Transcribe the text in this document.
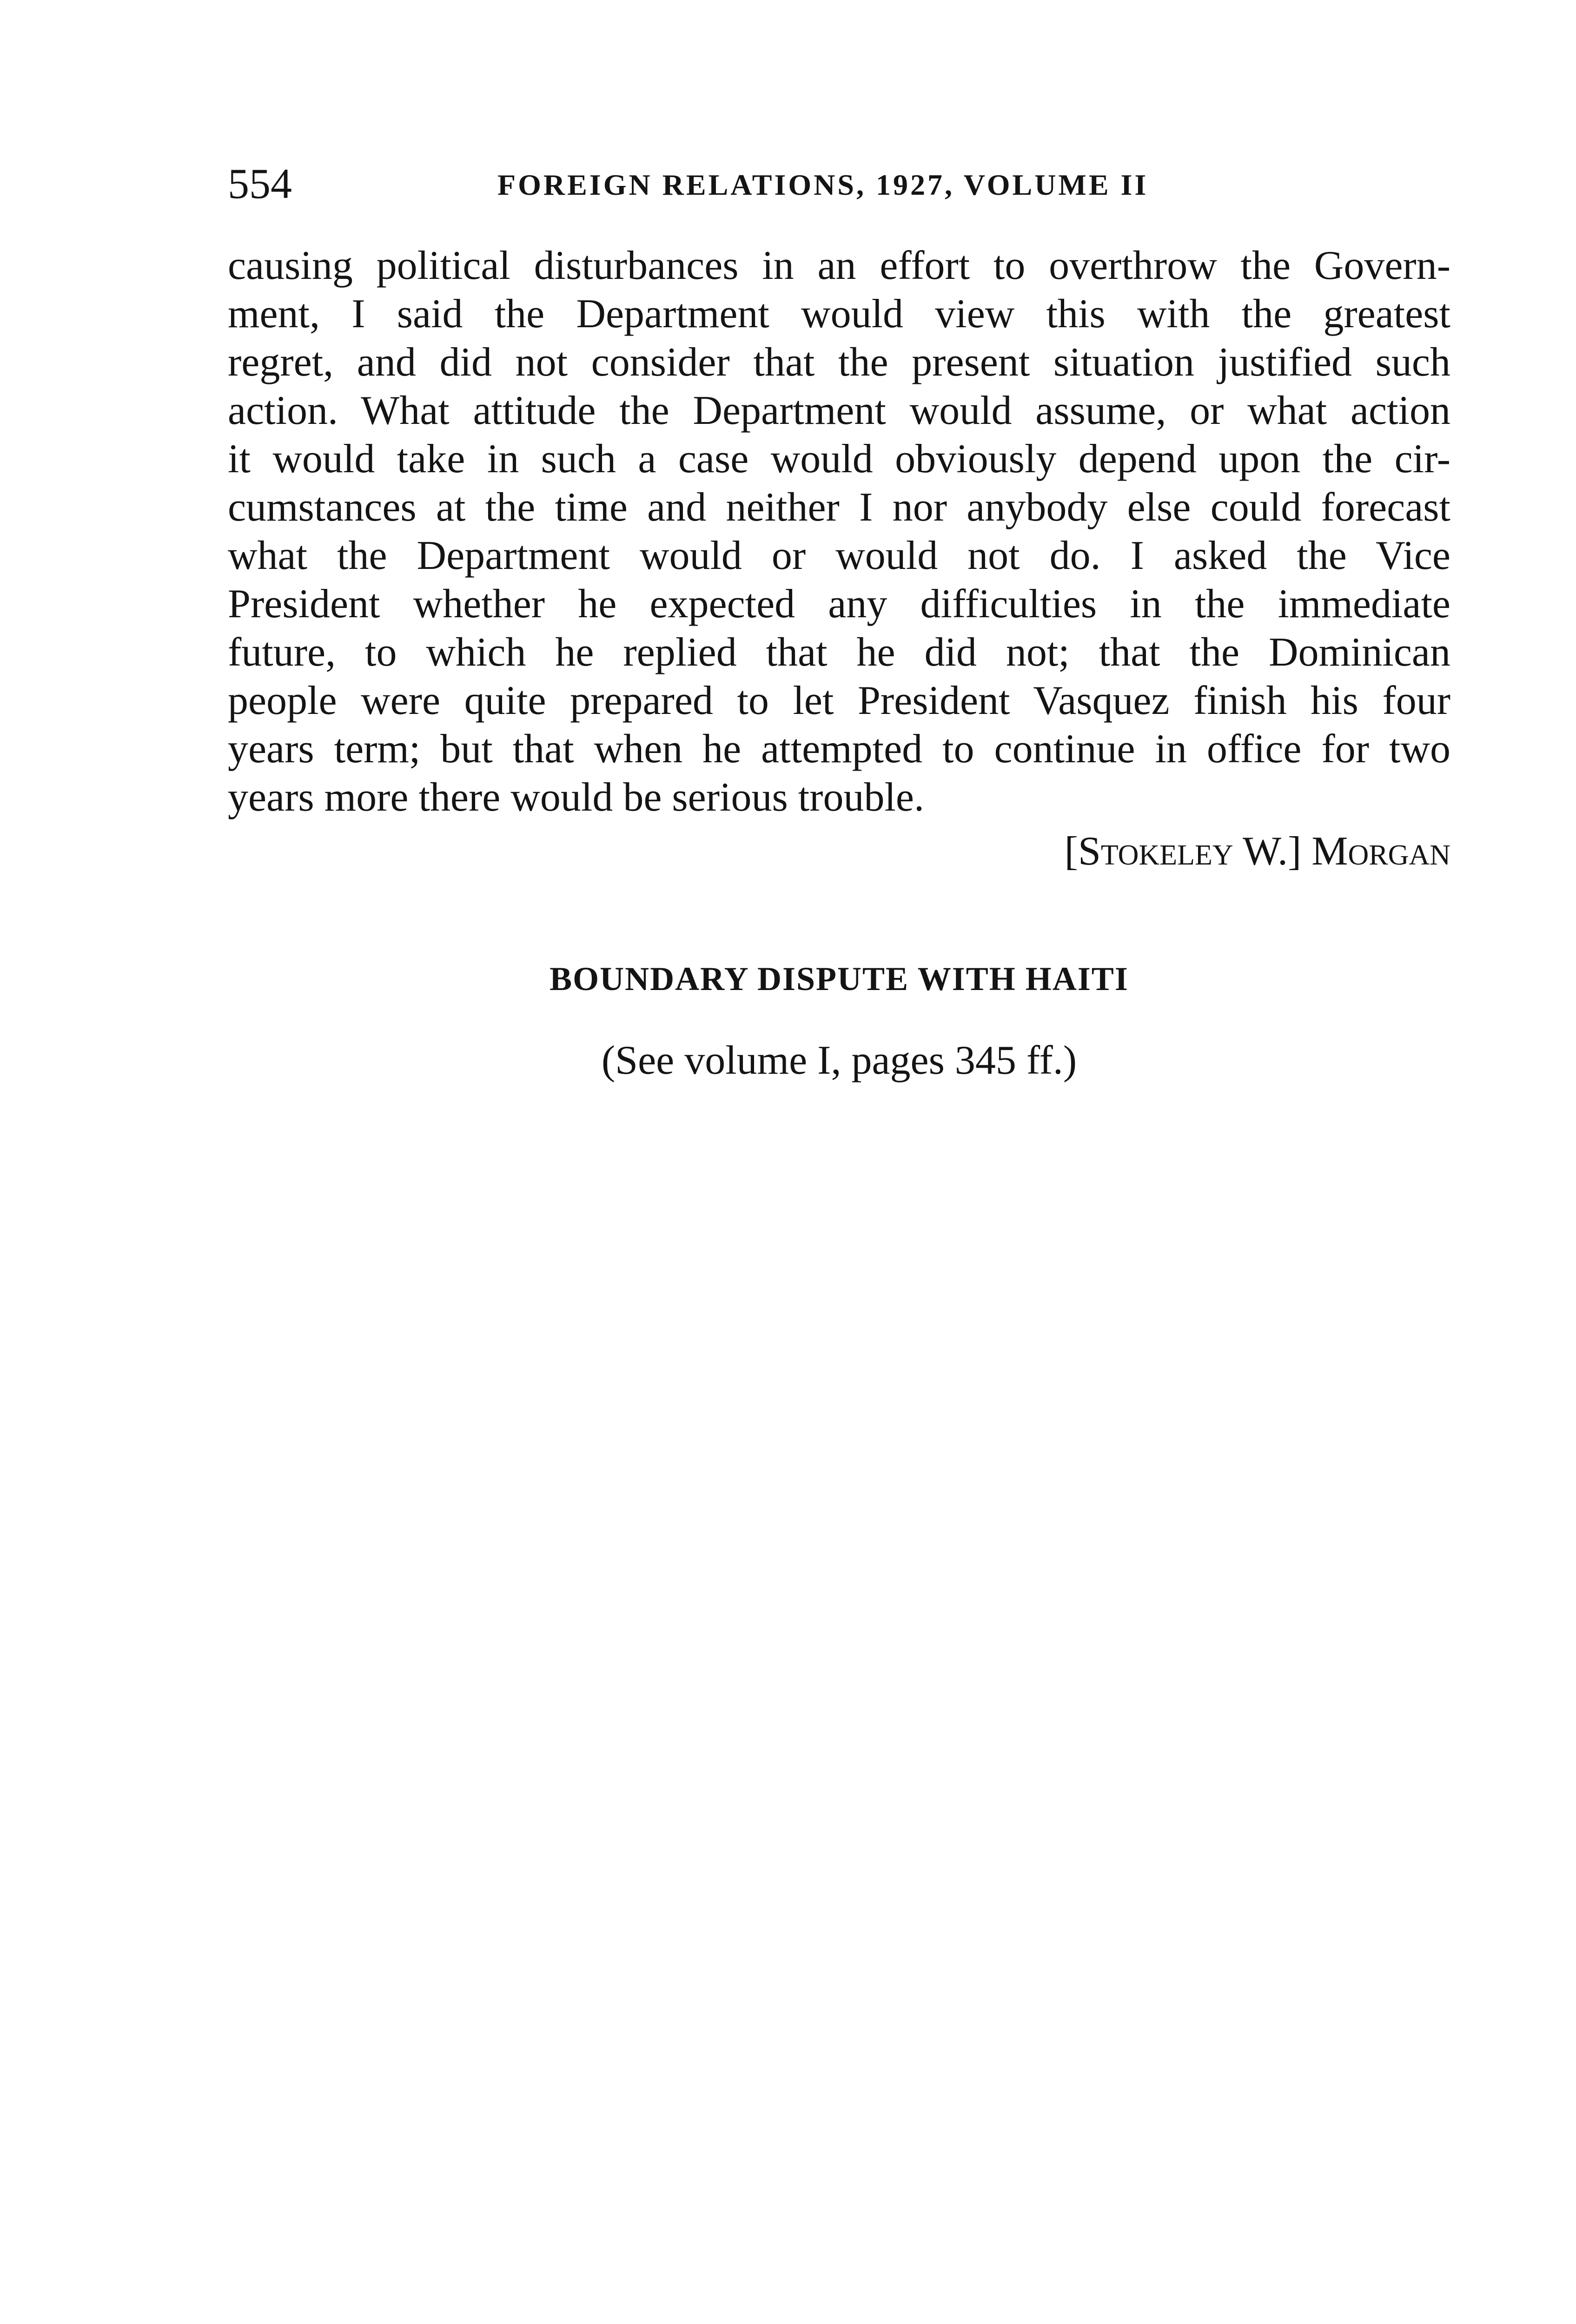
554	FOREIGN RELATIONS, 1927, VOLUME II
causing political disturbances in an effort to overthrow the Govern-
ment, I said the Department would view this with the greatest
regret, and did not consider that the present situation justified such
action. What attitude the Department would assume, or what action
it would take in such a case would obviously depend upon the cir-
cumstances at the time and neither I nor anybody else could forecast
what the Department would or would not do. I asked the Vice
President whether he expected any difficulties in the immediate
future, to which he replied that he did not; that the Dominican
people were quite prepared to let President Vasquez finish his four
years term; but that when he attempted to continue in office for two
years more there would be serious trouble.
[Stokeley W.] Morgan
BOUNDARY DISPUTE WITH HAITI
(See volume I, pages 345 ff.)
